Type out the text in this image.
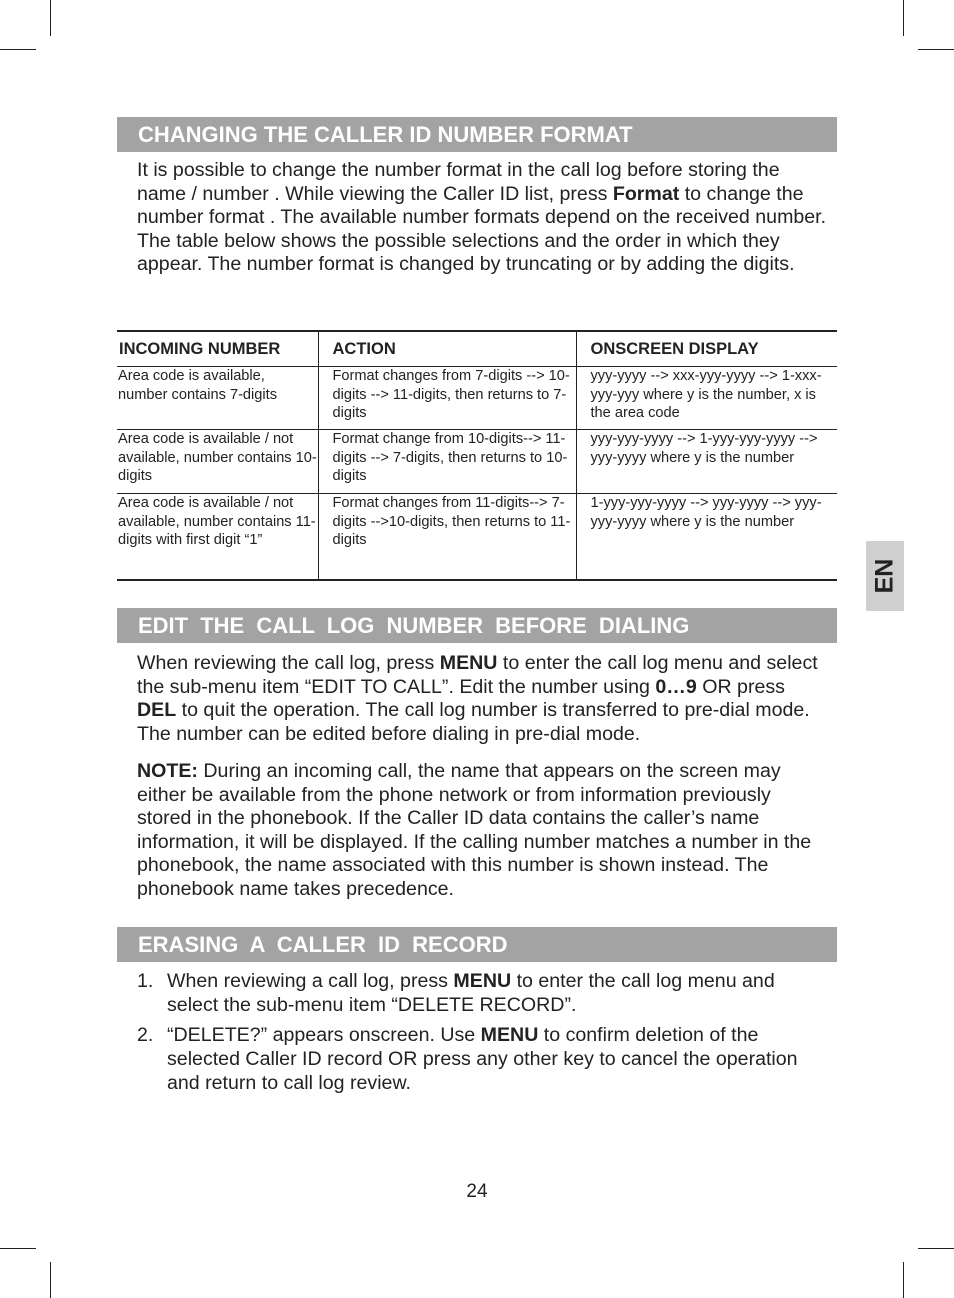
CHANGING THE CALLER ID NUMBER FORMAT
It is possible to change the number format in the call log before storing the name / number . While viewing the Caller ID list, press Format to change the number format . The available number formats depend on the received number. The table below shows the possible selections and the order in which they appear. The number format is changed by truncating or by adding the digits.
INCOMING NUMBER	ACTION	ONSCREEN DISPLAY
Area code is available, number contains 7-digits	Format changes from 7-digits --> 10-digits --> 11-digits, then returns to 7-digits	yyy-yyyy --> xxx-yyy-yyyy --> 1-xxx-yyy-yyy where y is the number, x is the area code
Area code is available / not available, number contains 10-digits	Format change from 10-digits--> 11-digits --> 7-digits, then returns to 10-digits	yyy-yyy-yyyy --> 1-yyy-yyy-yyyy --> yyy-yyyy where y is the number
Area code is available / not available, number contains 11-digits with first digit “1”	Format changes from 11-digits--> 7-digits -->10-digits, then returns to 11-digits	1-yyy-yyy-yyyy --> yyy-yyyy --> yyy-yyy-yyyy where y is the number
EDIT THE CALL LOG NUMBER BEFORE DIALING
When reviewing the call log, press MENU to enter the call log menu and select the sub-menu item “EDIT TO CALL”. Edit the number using 0…9 OR press DEL to quit the operation. The call log number is transferred to pre-dial mode. The number can be edited before dialing in pre-dial mode.
NOTE: During an incoming call, the name that appears on the screen may either be available from the phone network or from information previously stored in the phonebook. If the Caller ID data contains the caller’s name information, it will be displayed. If the calling number matches a number in the phonebook, the name associated with this number is shown instead. The phonebook name takes precedence.
ERASING A CALLER ID RECORD
1. When reviewing a call log, press MENU to enter the call log menu and select the sub-menu item “DELETE RECORD”.
2. “DELETE?” appears onscreen. Use MENU to confirm deletion of the selected Caller ID record OR press any other key to cancel the operation and return to call log review.
EN
24
